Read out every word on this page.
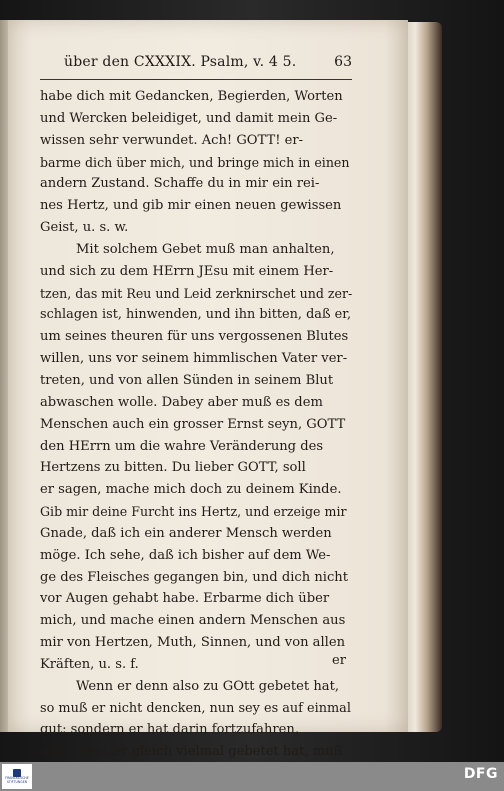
über den CXXXIX. Psalm, v. 4 5.	63
habe dich mit Gedancken, Begierden, Worten
und Wercken beleidiget, und damit mein Ge-
wissen sehr verwundet. Ach! GOTT! er-
barme dich über mich, und bringe mich in einen
andern Zustand. Schaffe du in mir ein rei-
nes Hertz, und gib mir einen neuen gewissen
Geist, u. s. w.
Mit solchem Gebet muß man anhalten,
und sich zu dem HErrn JEsu mit einem Her-
tzen, das mit Reu und Leid zerknirschet und zer-
schlagen ist, hinwenden, und ihn bitten, daß er,
um seines theuren für uns vergossenen Blutes
willen, uns vor seinem himmlischen Vater ver-
treten, und von allen Sünden in seinem Blut
abwaschen wolle. Dabey aber muß es dem
Menschen auch ein grosser Ernst seyn, GOTT
den HErrn um die wahre Veränderung des
Hertzens zu bitten. Du lieber GOTT, soll
er sagen, mache mich doch zu deinem Kinde.
Gib mir deine Furcht ins Hertz, und erzeige mir
Gnade, daß ich ein anderer Mensch werden
möge. Ich sehe, daß ich bisher auf dem We-
ge des Fleisches gegangen bin, und dich nicht
vor Augen gehabt habe. Erbarme dich über
mich, und mache einen andern Menschen aus
mir von Hertzen, Muth, Sinnen, und von allen
Kräften, u. s. f.
Wenn er denn also zu GOtt gebetet hat,
so muß er nicht dencken, nun sey es auf einmal
gut; sondern er hat darin fortzufahren,
und, wenn er gleich vielmal gebetet hat, muß
er
FRANCKESCHE
STIFTUNGEN	DFG
